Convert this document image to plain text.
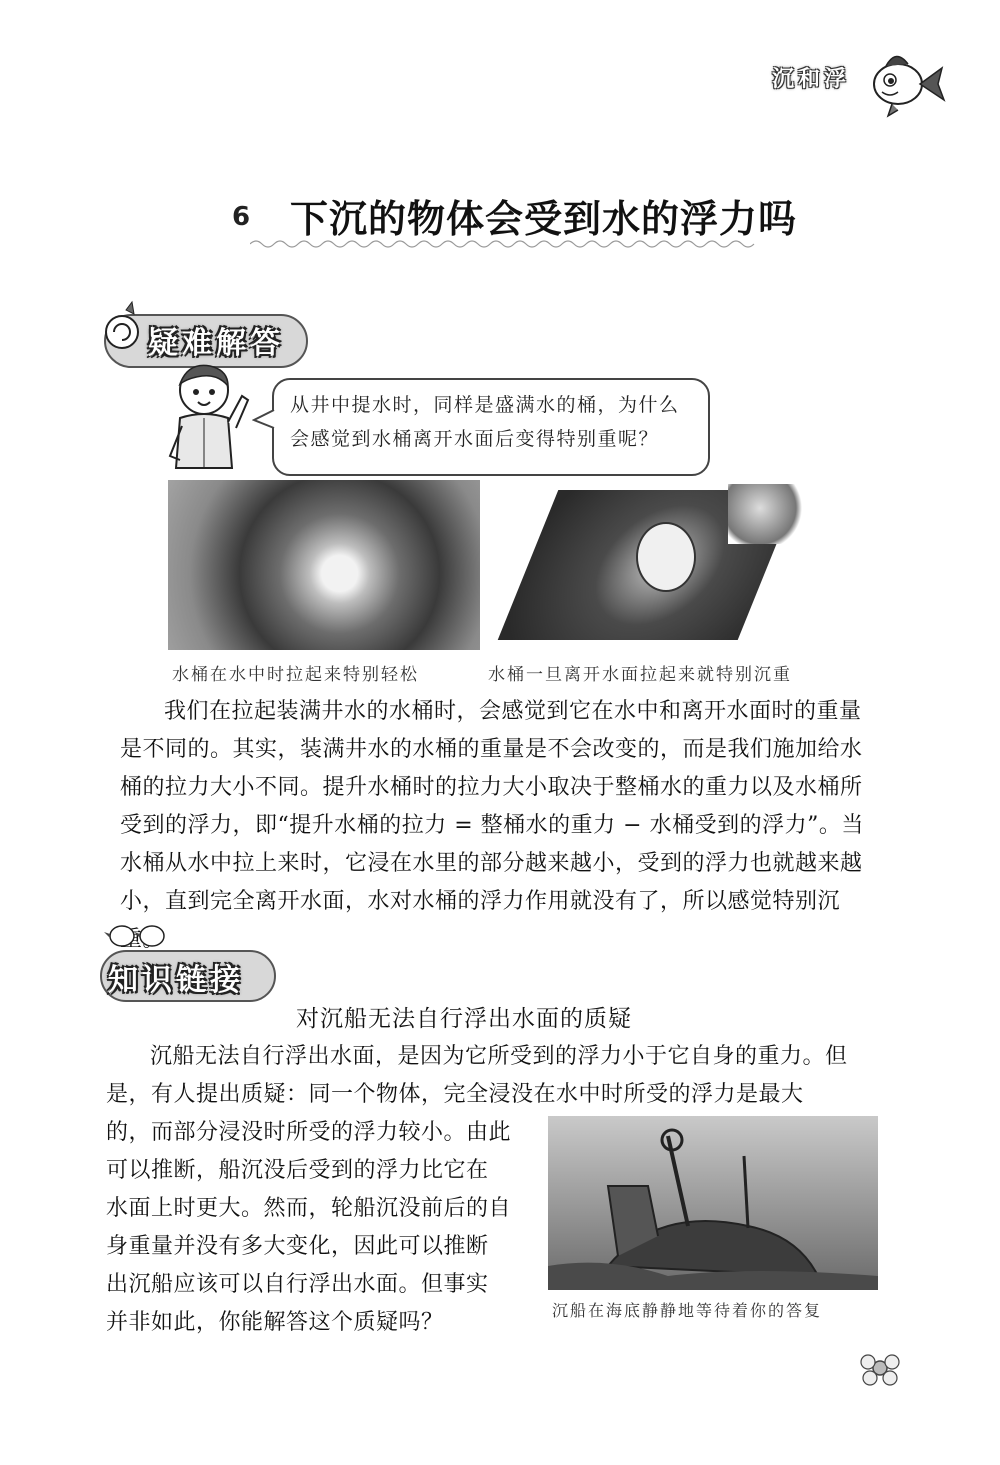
沉和浮
6 下沉的物体会受到水的浮力吗
疑难解答
从井中提水时，同样是盛满水的桶，为什么会感觉到水桶离开水面后变得特别重呢？
水桶在水中时拉起来特别轻松	水桶一旦离开水面拉起来就特别沉重

我们在拉起装满井水的水桶时，会感觉到它在水中和离开水面时的重量是不同的。其实，装满井水的水桶的重量是不会改变的，而是我们施加给水桶的拉力大小不同。提升水桶时的拉力大小取决于整桶水的重力以及水桶所受到的浮力，即“提升水桶的拉力 = 整桶水的重力 − 水桶受到的浮力”。当水桶从水中拉上来时，它浸在水里的部分越来越小，受到的浮力也就越来越小，直到完全离开水面，水对水桶的浮力作用就没有了，所以感觉特别沉

知识链接
对沉船无法自行浮出水面的质疑

沉船无法自行浮出水面，是因为它所受到的浮力小于它自身的重力。但是，有人提出质疑：同一个物体，完全浸没在水中时所受的浮力是最大

的，而部分浸没时所受的浮力较小。由此

可以推断，船沉没后受到的浮力比它在

水面上时更大。然而，轮船沉没前后的自

身重量并没有多大变化，因此可以推断

出沉船应该可以自行浮出水面。但事实

并非如此，你能解答这个质疑吗？	沉船在海底静静地等待着你的答复
